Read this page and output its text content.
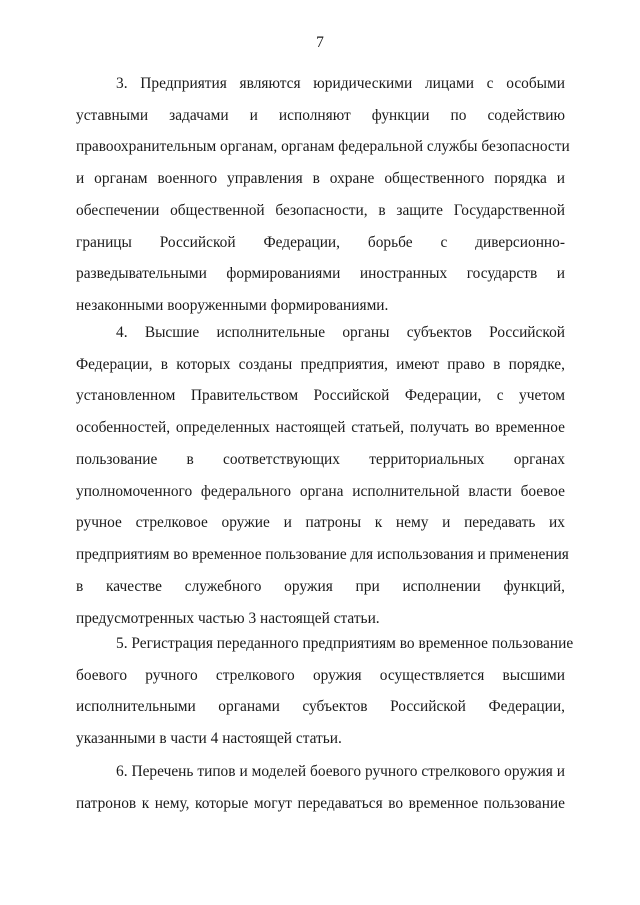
7
3. Предприятия являются юридическими лицами с особыми
уставными задачами и исполняют функции по содействию
правоохранительным органам, органам федеральной службы безопасности
и органам военного управления в охране общественного порядка и
обеспечении общественной безопасности, в защите Государственной
границы Российской Федерации, борьбе с диверсионно-
разведывательными формированиями иностранных государств и
незаконными вооруженными формированиями.
4. Высшие исполнительные органы субъектов Российской
Федерации, в которых созданы предприятия, имеют право в порядке,
установленном Правительством Российской Федерации, с учетом
особенностей, определенных настоящей статьей, получать во временное
пользование в соответствующих территориальных органах
уполномоченного федерального органа исполнительной власти боевое
ручное стрелковое оружие и патроны к нему и передавать их
предприятиям во временное пользование для использования и применения
в качестве служебного оружия при исполнении функций,
предусмотренных частью 3 настоящей статьи.
5. Регистрация переданного предприятиям во временное пользование
боевого ручного стрелкового оружия осуществляется высшими
исполнительными органами субъектов Российской Федерации,
указанными в части 4 настоящей статьи.
6. Перечень типов и моделей боевого ручного стрелкового оружия и
патронов к нему, которые могут передаваться во временное пользование
